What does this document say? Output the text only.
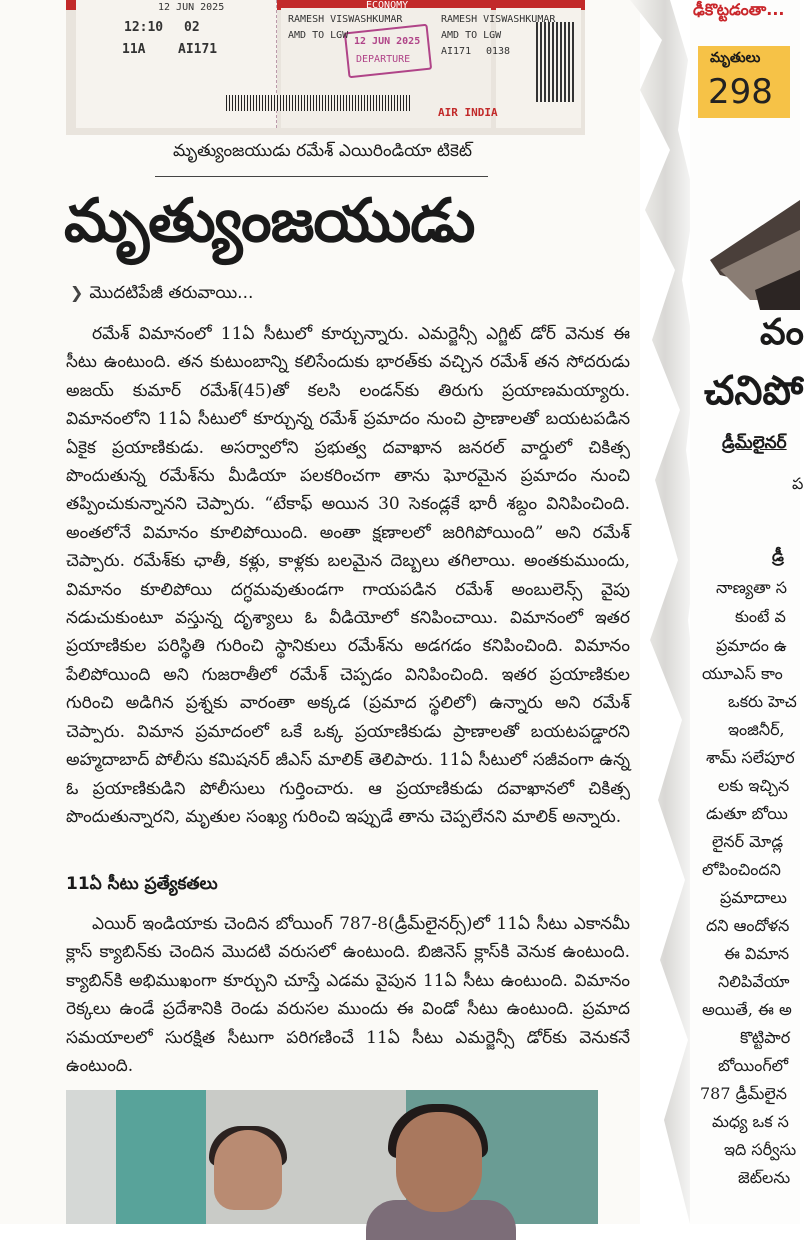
12 JUN 2025	ECONOMY
12:10 02
11A	AI171
RAMESH VISWASHKUMAR
AMD TO LGW
12 JUN 2025
DEPARTURE
RAMESH VISWASHKUMAR
AMD TO LGW
AI171 0138
AIR INDIA
మృత్యుంజయుడు రమేశ్‌ ఎయిరిండియా టికెట్‌
మృత్యుంజయుడు
❯ మొదటిపేజీ తరువాయి...

రమేశ్‌ విమానంలో 11ఏ సీటులో కూర్చున్నారు. ఎమర్జెన్సీ ఎగ్జిట్‌ డోర్‌ వెనుక ఈ సీటు ఉంటుంది. తన కుటుంబాన్ని కలిసేందుకు భారత్‌కు వచ్చిన రమేశ్‌ తన సోదరుడు అజయ్‌ కుమార్‌ రమేశ్‌(45)తో కలసి లండన్‌కు తిరుగు ప్రయాణమయ్యారు. విమానంలోని 11ఏ సీటులో కూర్చున్న రమేశ్‌ ప్రమాదం నుంచి ప్రాణాలతో బయటపడిన ఏకైక ప్రయాణికుడు. అసర్వాలోని ప్రభుత్వ దవాఖాన జనరల్‌ వార్డులో చికిత్స పొందుతున్న రమేశ్‌ను మీడియా పలకరించగా తాను ఘోరమైన ప్రమాదం నుంచి తప్పించుకున్నానని చెప్పారు. “టేకాఫ్‌ అయిన 30 సెకండ్లకే భారీ శబ్దం వినిపించింది. అంతలోనే విమానం కూలిపోయింది. అంతా క్షణాలలో జరిగిపోయింది” అని రమేశ్‌ చెప్పారు. రమేశ్‌కు ఛాతీ, కళ్లు, కాళ్లకు బలమైన దెబ్బలు తగిలాయి. అంతకుముందు, విమానం కూలిపోయి దగ్ధమవుతుండగా గాయపడిన రమేశ్‌ అంబులెన్స్‌ వైపు నడుచుకుంటూ వస్తున్న దృశ్యాలు ఓ వీడియోలో కనిపించాయి. విమానంలో ఇతర ప్రయాణికుల పరిస్థితి గురించి స్థానికులు రమేశ్‌ను అడగడం కనిపించింది. విమానం పేలిపోయింది అని గుజరాతీలో రమేశ్‌ చెప్పడం వినిపించింది. ఇతర ప్రయాణికుల గురించి అడిగిన ప్రశ్నకు వారంతా అక్కడ (ప్రమాద స్థలిలో) ఉన్నారు అని రమేశ్‌ చెప్పారు. విమాన ప్రమాదంలో ఒకే ఒక్క ప్రయాణికుడు ప్రాణాలతో బయటపడ్డారని అహ్మదాబాద్‌ పోలీసు కమిషనర్‌ జీఎస్‌ మాలిక్‌ తెలిపారు. 11ఏ సీటులో సజీవంగా ఉన్న ఓ ప్రయాణికుడిని పోలీసులు గుర్తించారు. ఆ ప్రయాణికుడు దవాఖానలో చికిత్స పొందుతున్నారని, మృతుల సంఖ్య గురించి ఇప్పుడే తాను చెప్పలేనని మాలిక్‌ అన్నారు.

11ఏ సీటు ప్రత్యేకతలు

ఎయిర్‌ ఇండియాకు చెందిన బోయింగ్‌ 787-8(డ్రీమ్‌లైనర్స్‌)లో 11ఏ సీటు ఎకానమీ క్లాస్‌ క్యాబిన్‌కు చెందిన మొదటి వరుసలో ఉంటుంది. బిజినెస్‌ క్లాస్‌కి వెనుక ఉంటుంది. క్యాబిన్‌కి అభిముఖంగా కూర్చుని చూస్తే ఎడమ వైపున 11ఏ సీటు ఉంటుంది. విమానం రెక్కలు ఉండే ప్రదేశానికి రెండు వరుసల ముందు ఈ విండో సీటు ఉంటుంది. ప్రమాద సమయాలలో సురక్షిత సీటుగా పరిగణించే 11ఏ సీటు ఎమర్జెన్సీ డోర్‌కు వెనుకనే ఉంటుంది.

ఢీకొట్టడంతా...
మృతులు
298
వం
చనిపో
డ్రీమ్‌లైనర్‌
ప
డ్రీ
నాణ్యతా స
కుంటే వ
ప్రమాదం ఉ
యూఎస్ కాం
ఒకరు హెచ
ఇంజినీర్,
శామ్ సలేపూర
లకు ఇచ్చిన
డుతూ బోయి
లైనర్ మోడ్ల
లోపించిందని
ప్రమాదాలు
దని ఆందోళన
ఈ విమాన
నిలిపివేయా
అయితే, ఈ అ
కొట్టిపార
బోయింగ్‌లో
787 డ్రీమ్‌లైన
మధ్య ఒక స
ఇది సర్వీసు
జెట్‌లను
